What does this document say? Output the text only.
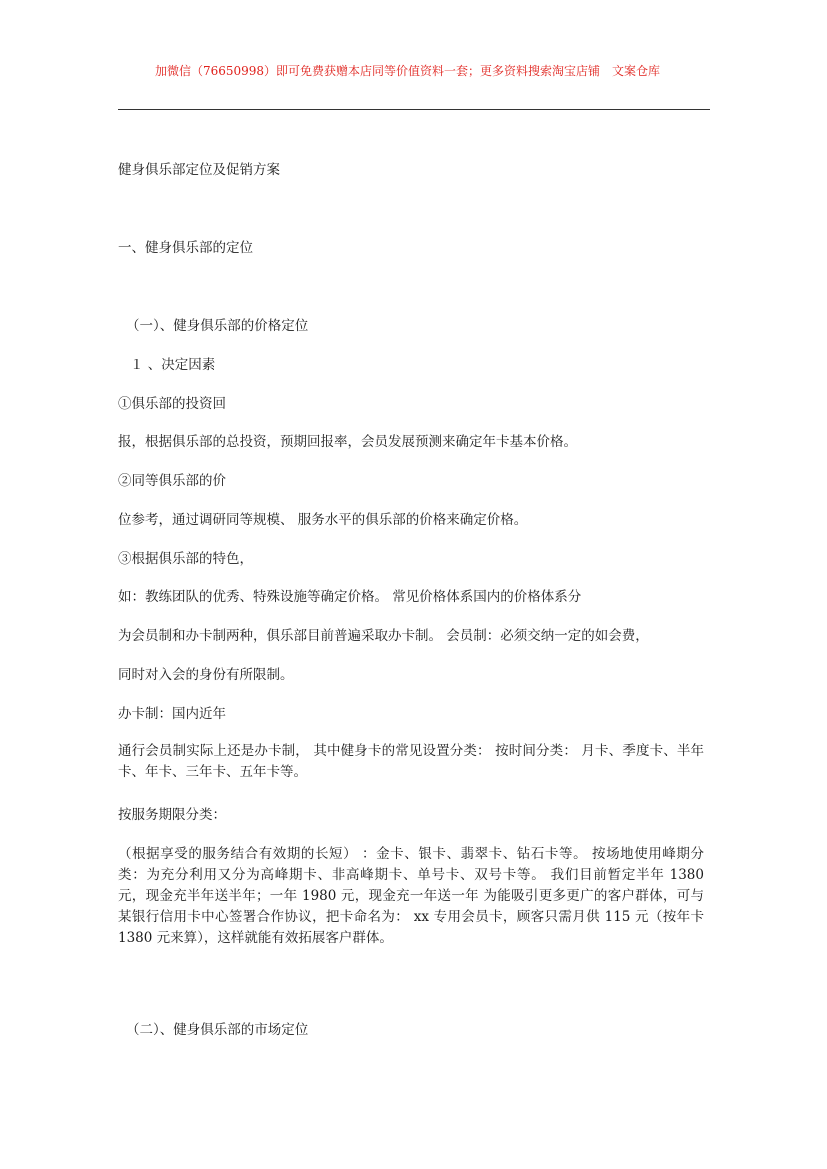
加微信（76650998）即可免费获赠本店同等价值资料一套；更多资料搜索淘宝店铺　文案仓库
健身俱乐部定位及促销方案
一、健身俱乐部的定位
（一）、健身俱乐部的价格定位
１ 、决定因素
①俱乐部的投资回
报，根据俱乐部的总投资，预期回报率，会员发展预测来确定年卡基本价格。
②同等俱乐部的价
位参考，通过调研同等规模、 服务水平的俱乐部的价格来确定价格。
③根据俱乐部的特色，
如：教练团队的优秀、特殊设施等确定价格。 常见价格体系国内的价格体系分
为会员制和办卡制两种，俱乐部目前普遍采取办卡制。 会员制：必须交纳一定的如会费，
同时对入会的身份有所限制。
办卡制：国内近年
通行会员制实际上还是办卡制， 其中健身卡的常见设置分类： 按时间分类： 月卡、季度卡、半年卡、年卡、三年卡、五年卡等。
按服务期限分类：
（根据享受的服务结合有效期的长短） ：金卡、银卡、翡翠卡、钻石卡等。 按场地使用峰期分类：为充分利用又分为高峰期卡、非高峰期卡、单号卡、双号卡等。 我们目前暂定半年 1380 元，现金充半年送半年；一年 1980 元，现金充一年送一年 为能吸引更多更广的客户群体，可与某银行信用卡中心签署合作协议，把卡命名为： xx 专用会员卡，顾客只需月供 115 元（按年卡 1380 元来算），这样就能有效拓展客户群体。
（二）、健身俱乐部的市场定位
